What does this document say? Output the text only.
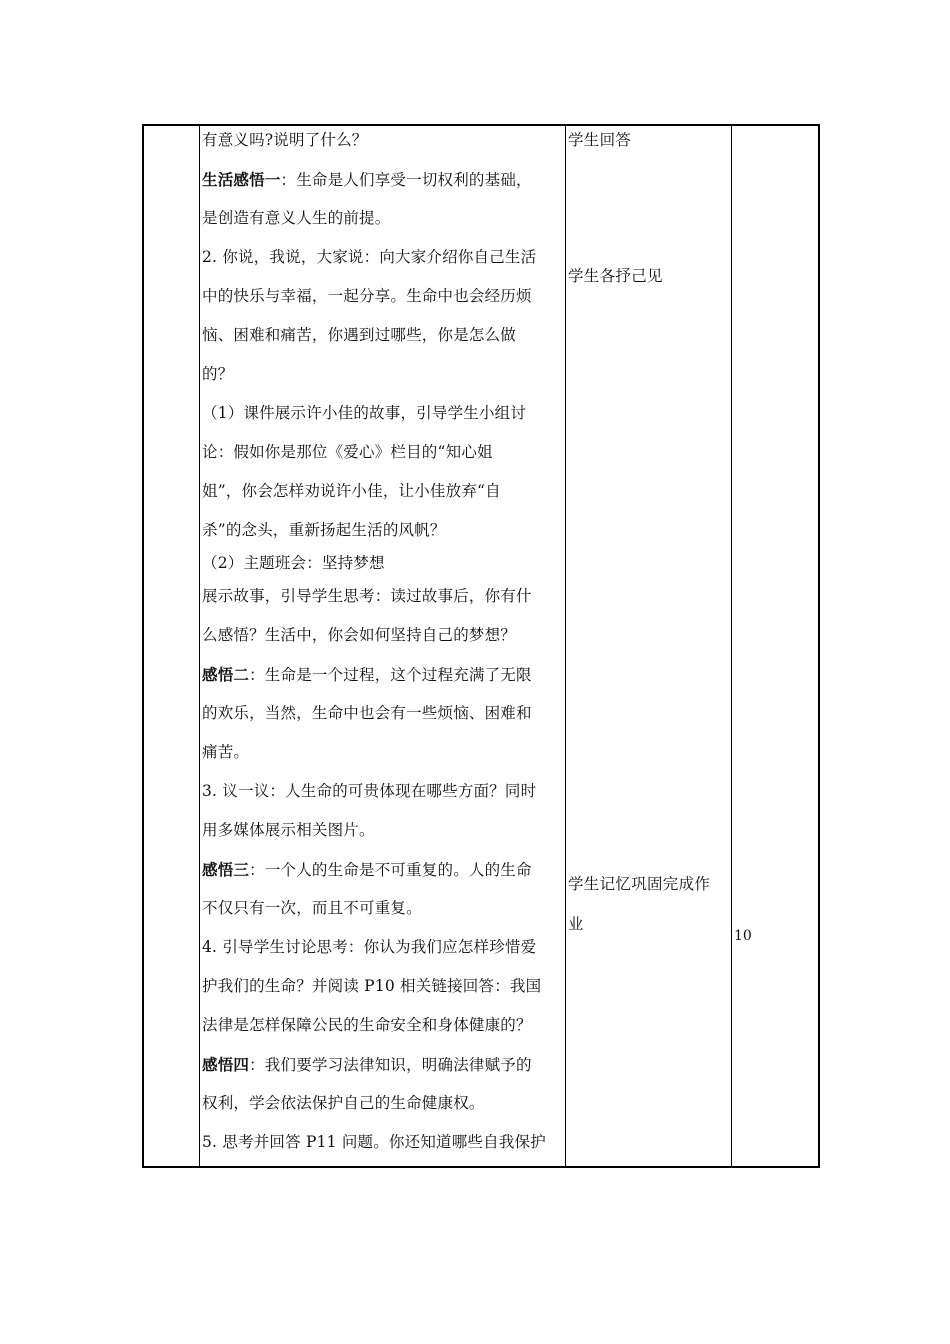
有意义吗?说明了什么？
生活感悟一：生命是人们享受一切权利的基础，
是创造有意义人生的前提。
2. 你说，我说，大家说：向大家介绍你自己生活
中的快乐与幸福，一起分享。生命中也会经历烦
恼、困难和痛苦，你遇到过哪些，你是怎么做
的？
（1）课件展示许小佳的故事，引导学生小组讨
论：假如你是那位《爱心》栏目的“知心姐
姐”，你会怎样劝说许小佳，让小佳放弃“自
杀”的念头，重新扬起生活的风帆？
（2）主题班会：坚持梦想
展示故事，引导学生思考：读过故事后，你有什
么感悟？生活中，你会如何坚持自己的梦想？
感悟二：生命是一个过程，这个过程充满了无限
的欢乐，当然，生命中也会有一些烦恼、困难和
痛苦。
3. 议一议：人生命的可贵体现在哪些方面？同时
用多媒体展示相关图片。
感悟三：一个人的生命是不可重复的。人的生命
不仅只有一次，而且不可重复。
4. 引导学生讨论思考：你认为我们应怎样珍惜爱
护我们的生命？并阅读 P10 相关链接回答：我国
法律是怎样保障公民的生命安全和身体健康的？
感悟四：我们要学习法律知识，明确法律赋予的
权利，学会依法保护自己的生命健康权。
5. 思考并回答 P11 问题。你还知道哪些自我保护
学生回答
学生各抒己见
学生记忆巩固完成作
业
10
